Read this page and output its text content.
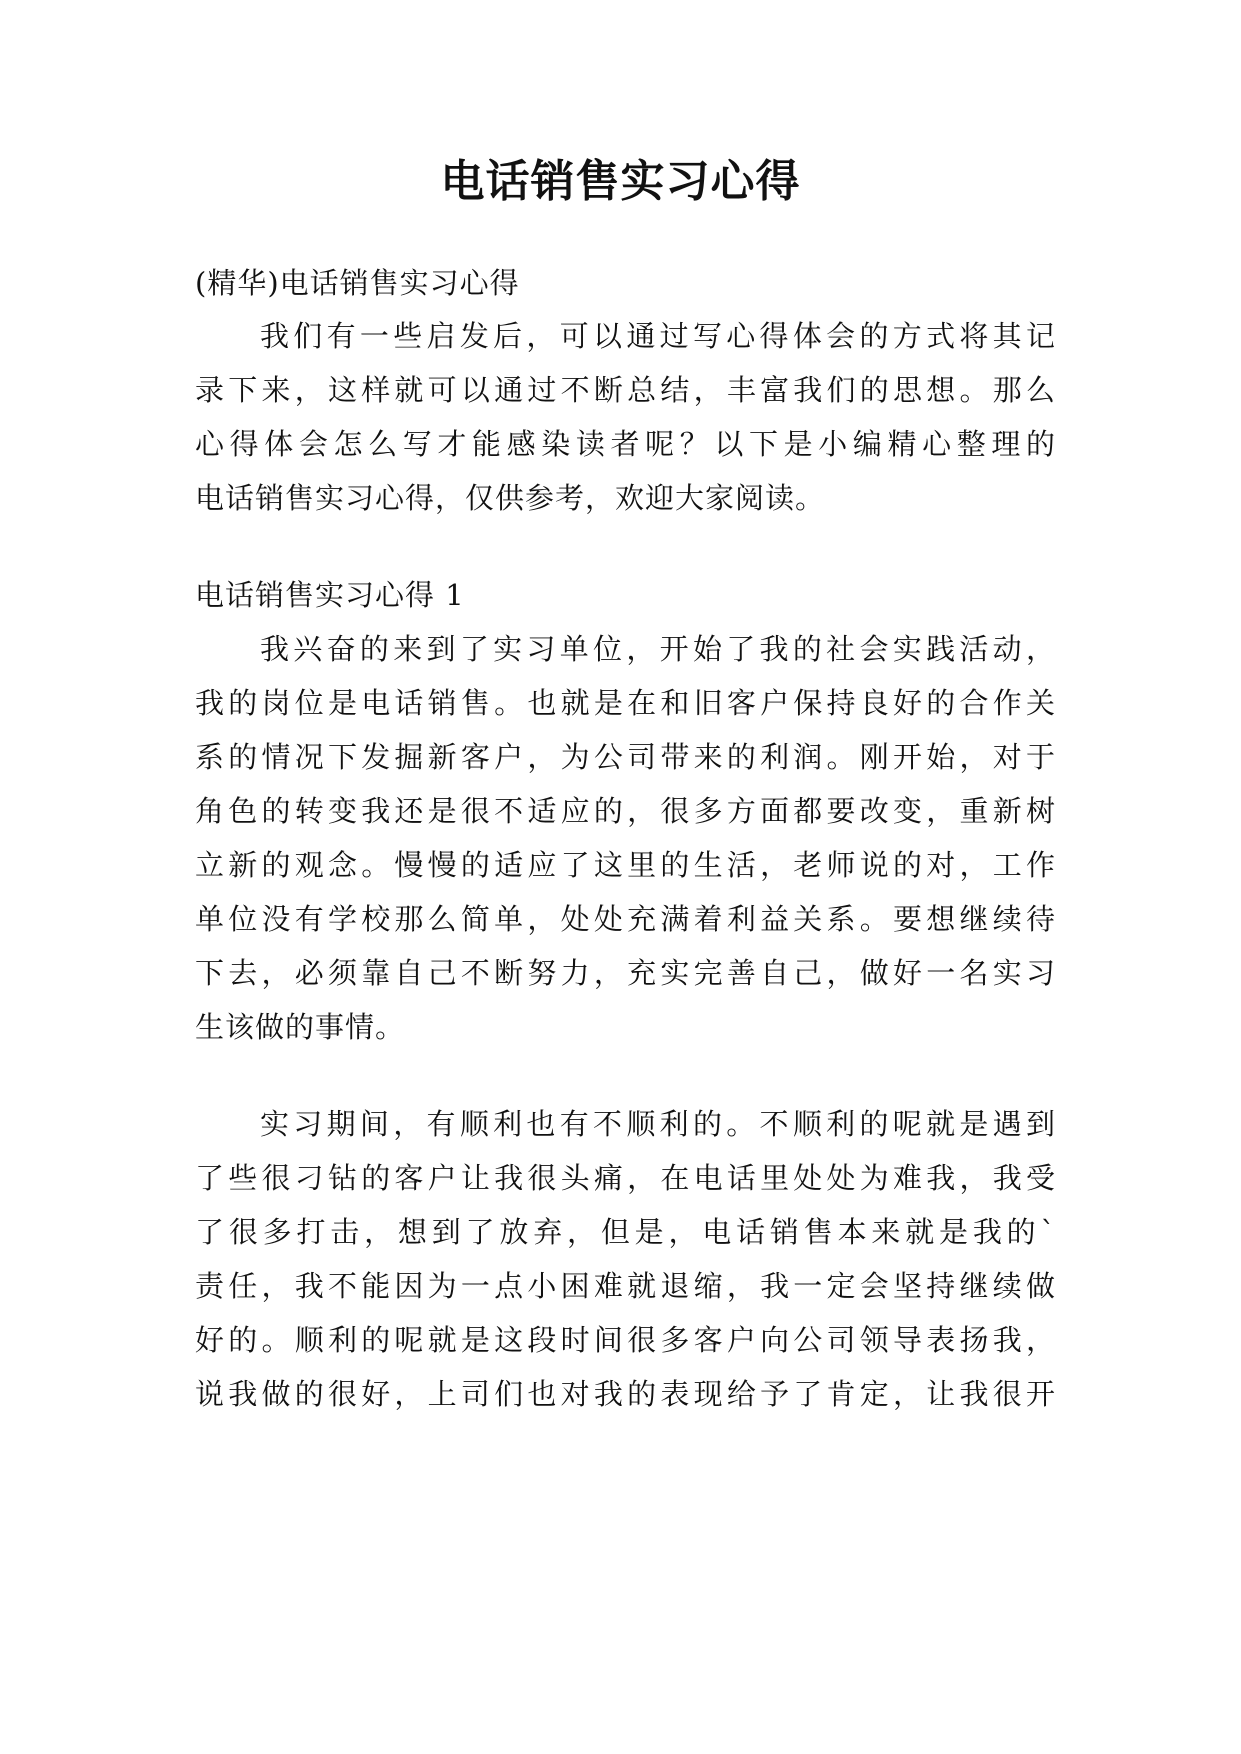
电话销售实习心得
(精华)电话销售实习心得
我们有一些启发后，可以通过写心得体会的方式将其记
录下来，这样就可以通过不断总结，丰富我们的思想。那么
心得体会怎么写才能感染读者呢？以下是小编精心整理的
电话销售实习心得，仅供参考，欢迎大家阅读。
电话销售实习心得 1
我兴奋的来到了实习单位，开始了我的社会实践活动，
我的岗位是电话销售。也就是在和旧客户保持良好的合作关
系的情况下发掘新客户，为公司带来的利润。刚开始，对于
角色的转变我还是很不适应的，很多方面都要改变，重新树
立新的观念。慢慢的适应了这里的生活，老师说的对，工作
单位没有学校那么简单，处处充满着利益关系。要想继续待
下去，必须靠自己不断努力，充实完善自己，做好一名实习
生该做的事情。
实习期间，有顺利也有不顺利的。不顺利的呢就是遇到
了些很刁钻的客户让我很头痛，在电话里处处为难我，我受
了很多打击，想到了放弃，但是，电话销售本来就是我的`
责任，我不能因为一点小困难就退缩，我一定会坚持继续做
好的。顺利的呢就是这段时间很多客户向公司领导表扬我，
说我做的很好，上司们也对我的表现给予了肯定，让我很开
